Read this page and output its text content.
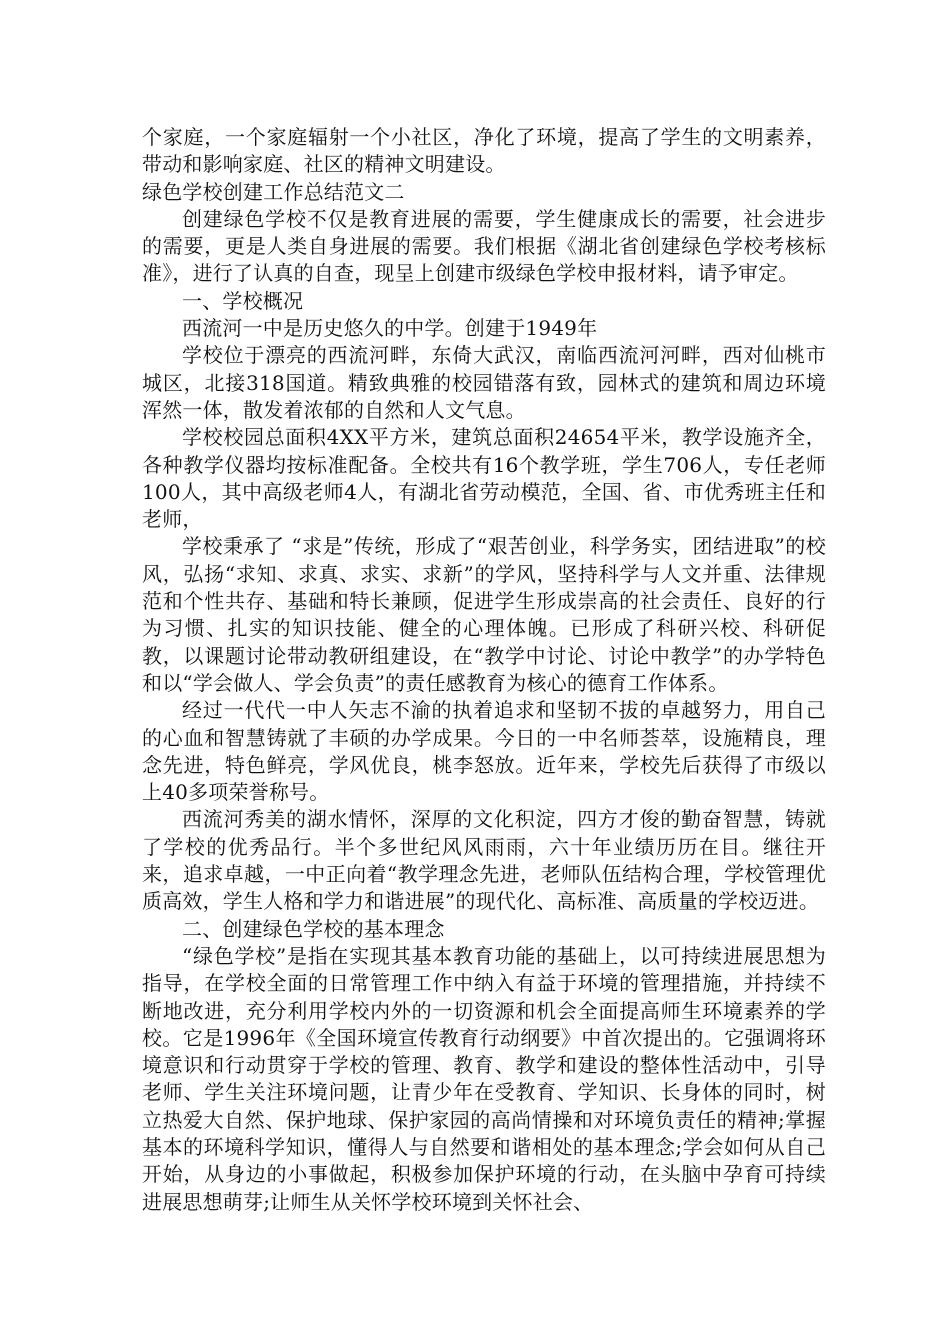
个家庭，一个家庭辐射一个小社区，净化了环境，提高了学生的文明素养，带动和影响家庭、社区的精神文明建设。

绿色学校创建工作总结范文二

创建绿色学校不仅是教育进展的需要，学生健康成长的需要，社会进步的需要，更是人类自身进展的需要。我们根据《湖北省创建绿色学校考核标准》，进行了认真的自查，现呈上创建市级绿色学校申报材料，请予审定。

一、学校概况

西流河一中是历史悠久的中学。创建于1949年

学校位于漂亮的西流河畔，东倚大武汉，南临西流河河畔，西对仙桃市城区，北接318国道。精致典雅的校园错落有致，园林式的建筑和周边环境浑然一体，散发着浓郁的自然和人文气息。

学校校园总面积4XX平方米，建筑总面积24654平米，教学设施齐全，各种教学仪器均按标准配备。全校共有16个教学班，学生706人，专任老师100人，其中高级老师4人，有湖北省劳动模范，全国、省、市优秀班主任和老师，

学校秉承了 “求是”传统，形成了“艰苦创业，科学务实，团结进取”的校风，弘扬“求知、求真、求实、求新”的学风，坚持科学与人文并重、法律规范和个性共存、基础和特长兼顾，促进学生形成崇高的社会责任、良好的行为习惯、扎实的知识技能、健全的心理体魄。已形成了科研兴校、科研促教，以课题讨论带动教研组建设，在“教学中讨论、讨论中教学”的办学特色和以“学会做人、学会负责”的责任感教育为核心的德育工作体系。

经过一代代一中人矢志不渝的执着追求和坚韧不拔的卓越努力，用自己的心血和智慧铸就了丰硕的办学成果。今日的一中名师荟萃，设施精良，理念先进，特色鲜亮，学风优良，桃李怒放。近年来，学校先后获得了市级以上40多项荣誉称号。

西流河秀美的湖水情怀，深厚的文化积淀，四方才俊的勤奋智慧，铸就了学校的优秀品行。半个多世纪风风雨雨，六十年业绩历历在目。继往开来，追求卓越，一中正向着“教学理念先进，老师队伍结构合理，学校管理优质高效，学生人格和学力和谐进展”的现代化、高标准、高质量的学校迈进。

二、创建绿色学校的基本理念

“绿色学校”是指在实现其基本教育功能的基础上，以可持续进展思想为指导，在学校全面的日常管理工作中纳入有益于环境的管理措施，并持续不断地改进，充分利用学校内外的一切资源和机会全面提高师生环境素养的学校。它是1996年《全国环境宣传教育行动纲要》中首次提出的。它强调将环境意识和行动贯穿于学校的管理、教育、教学和建设的整体性活动中，引导老师、学生关注环境问题，让青少年在受教育、学知识、长身体的同时，树立热爱大自然、保护地球、保护家园的高尚情操和对环境负责任的精神;掌握基本的环境科学知识，懂得人与自然要和谐相处的基本理念;学会如何从自己开始，从身边的小事做起，积极参加保护环境的行动，在头脑中孕育可持续进展思想萌芽;让师生从关怀学校环境到关怀社会、
